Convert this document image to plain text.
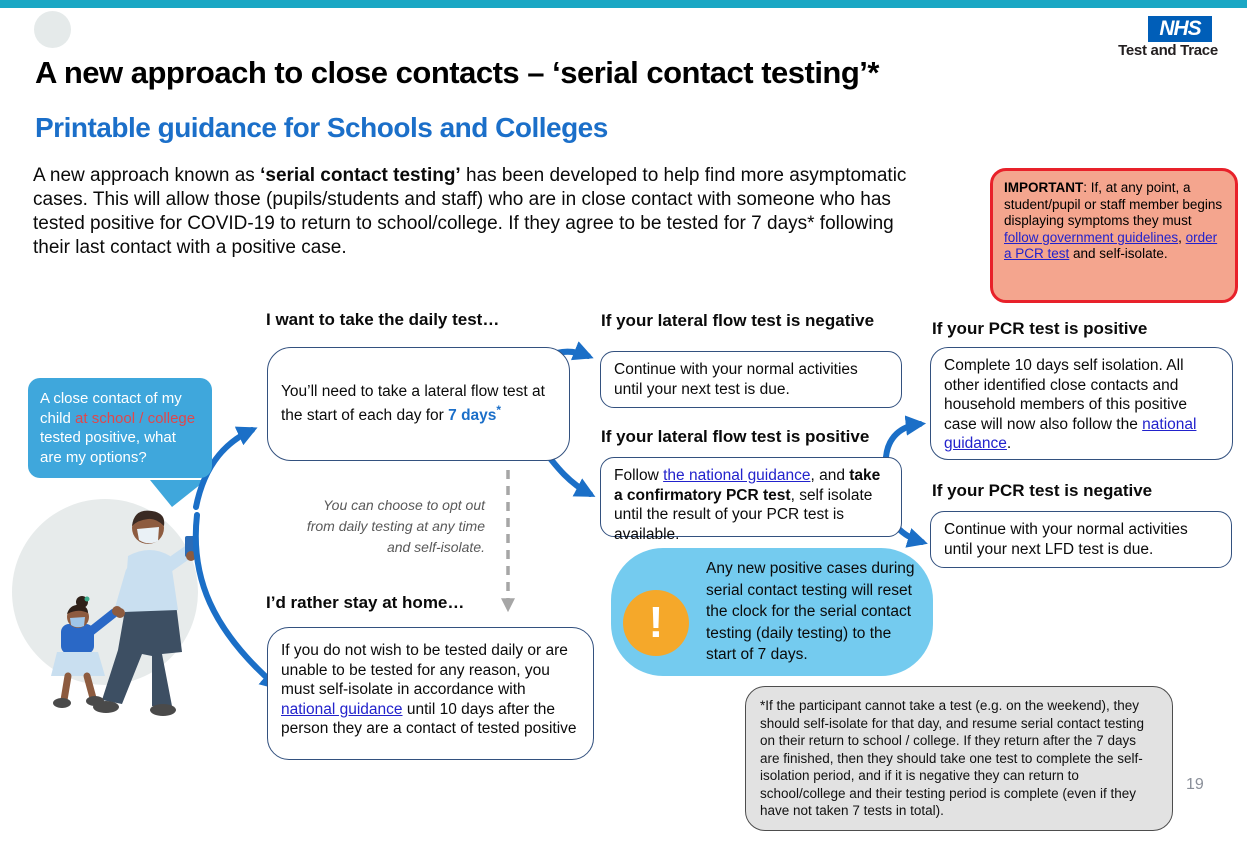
NHS
Test and Trace
A new approach to close contacts – ‘serial contact testing’*
Printable guidance for Schools and Colleges
A new approach known as ‘serial contact testing’ has been developed to help find more asymptomatic cases. This will allow those (pupils/students and staff) who are in close contact with someone who has tested positive for COVID-19 to return to school/college. If they agree to be tested for 7 days* following their last contact with a positive case.
IMPORTANT: If, at any point, a student/pupil or staff member begins displaying symptoms they must follow government guidelines, order a PCR test and self-isolate.
A close contact of my child at school / college tested positive, what are my options?
I want to take the daily test…
You’ll need to take a lateral flow test at the start of each day for 7 days*
You can choose to opt out from daily testing at any time and self-isolate.
I’d rather stay at home…
If you do not wish to be tested daily or are unable to be tested for any reason, you must self-isolate in accordance with national guidance until 10 days after the person they are a contact of tested positive
If your lateral flow test is negative
Continue with your normal activities until your next test is due.
If your lateral flow test is positive
Follow the national guidance, and take a confirmatory PCR test, self isolate until the result of your PCR test is available.
!
Any new positive cases during serial contact testing will reset the clock for the serial contact testing (daily testing) to the start of 7 days.
If your PCR test is positive
Complete 10 days self isolation. All other identified close contacts and household members of this positive case will now also follow the national guidance.
If your PCR test is negative
Continue with your normal activities until your next LFD test is due.
*If the participant cannot take a test (e.g. on the weekend), they should self-isolate for that day, and resume serial contact testing on their return to school / college. If they return after the 7 days are finished, then they should take one test to complete the self-isolation period, and if it is negative they can return to school/college and their testing period is complete (even if they have not taken 7 tests in total).
19
